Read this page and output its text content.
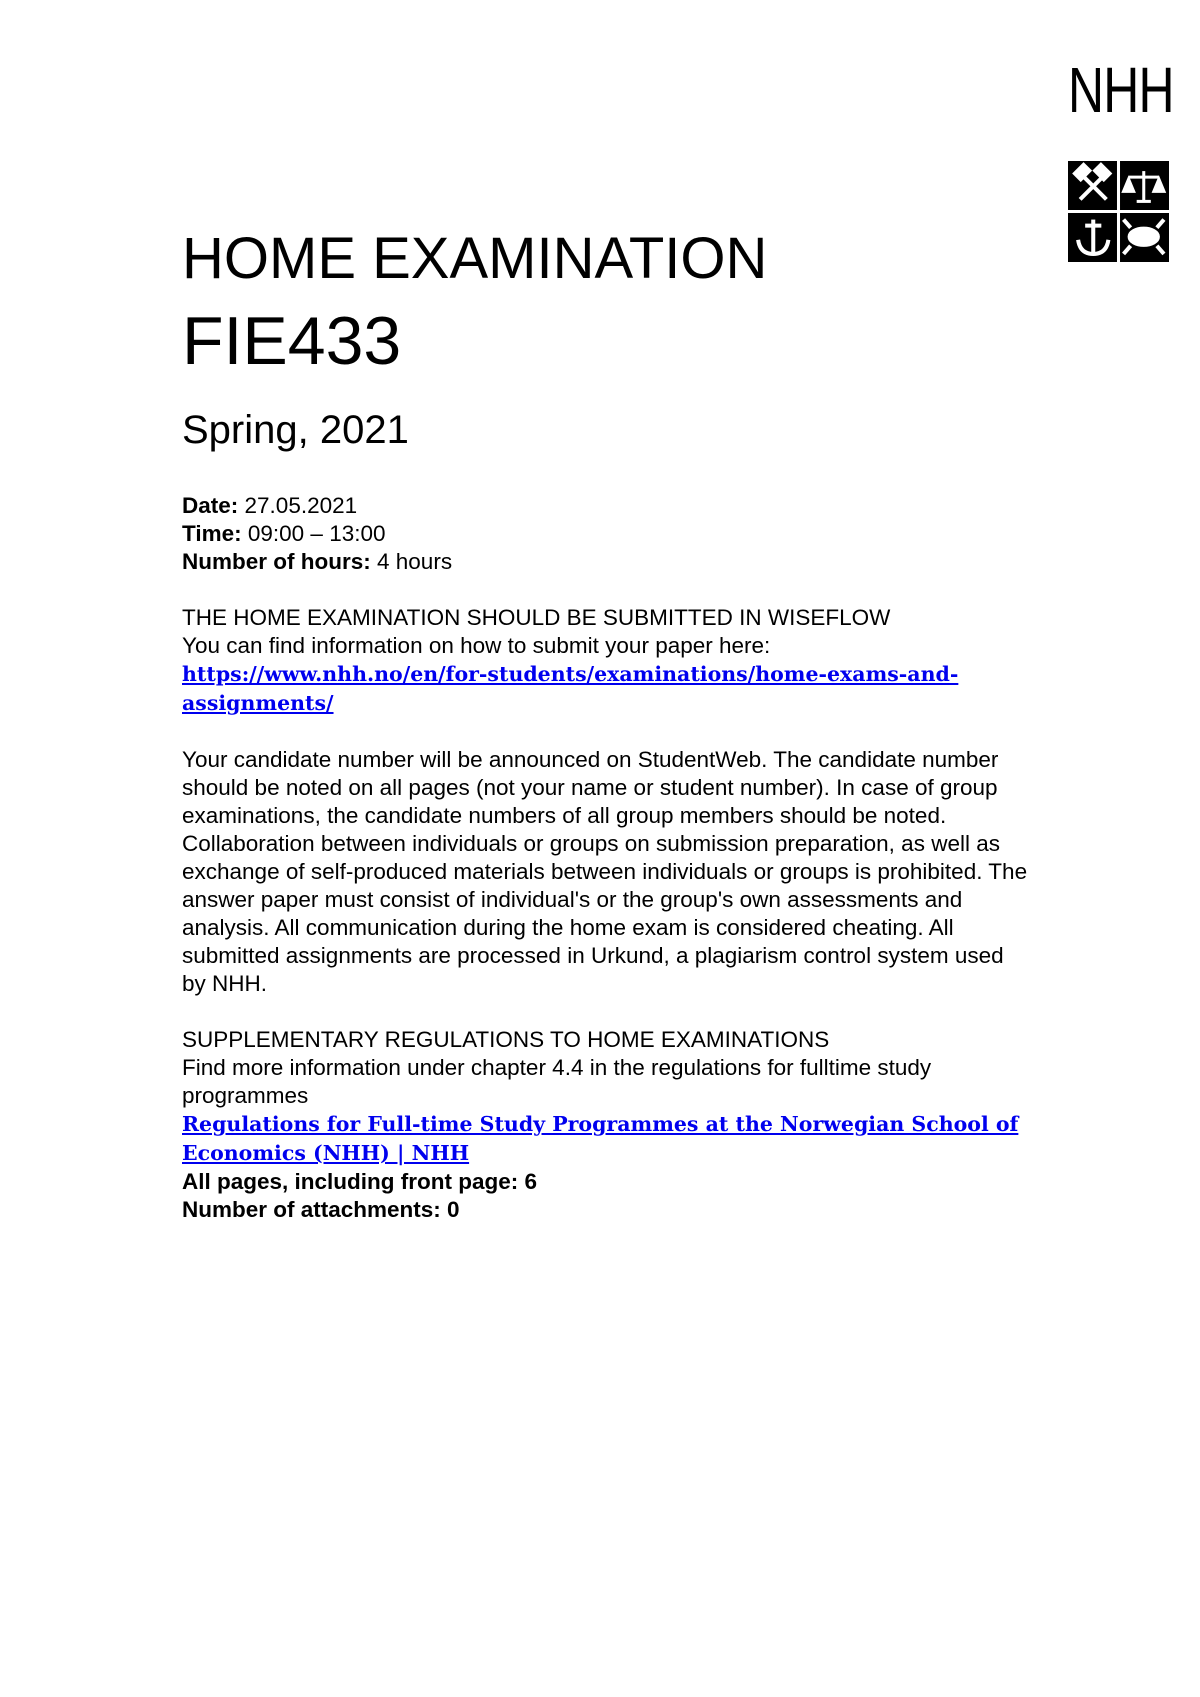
NHH
HOME EXAMINATION
FIE433
Spring, 2021

Date: 27.05.2021

Time: 09:00 – 13:00

Number of hours: 4 hours

THE HOME EXAMINATION SHOULD BE SUBMITTED IN WISEFLOW

You can find information on how to submit your paper here:

https://www.nhh.no/en/for-students/examinations/home-exams-and-assignments/

Your candidate number will be announced on StudentWeb. The candidate number should be noted on all pages (not your name or student number). In case of group examinations, the candidate numbers of all group members should be noted.

Collaboration between individuals or groups on submission preparation, as well as exchange of self-produced materials between individuals or groups is prohibited. The answer paper must consist of individual's or the group's own assessments and analysis. All communication during the home exam is considered cheating. All submitted assignments are processed in Urkund, a plagiarism control system used by NHH.

SUPPLEMENTARY REGULATIONS TO HOME EXAMINATIONS

Find more information under chapter 4.4 in the regulations for fulltime study programmes

Regulations for Full-time Study Programmes at the Norwegian School of Economics (NHH) | NHH

All pages, including front page: 6

Number of attachments: 0
